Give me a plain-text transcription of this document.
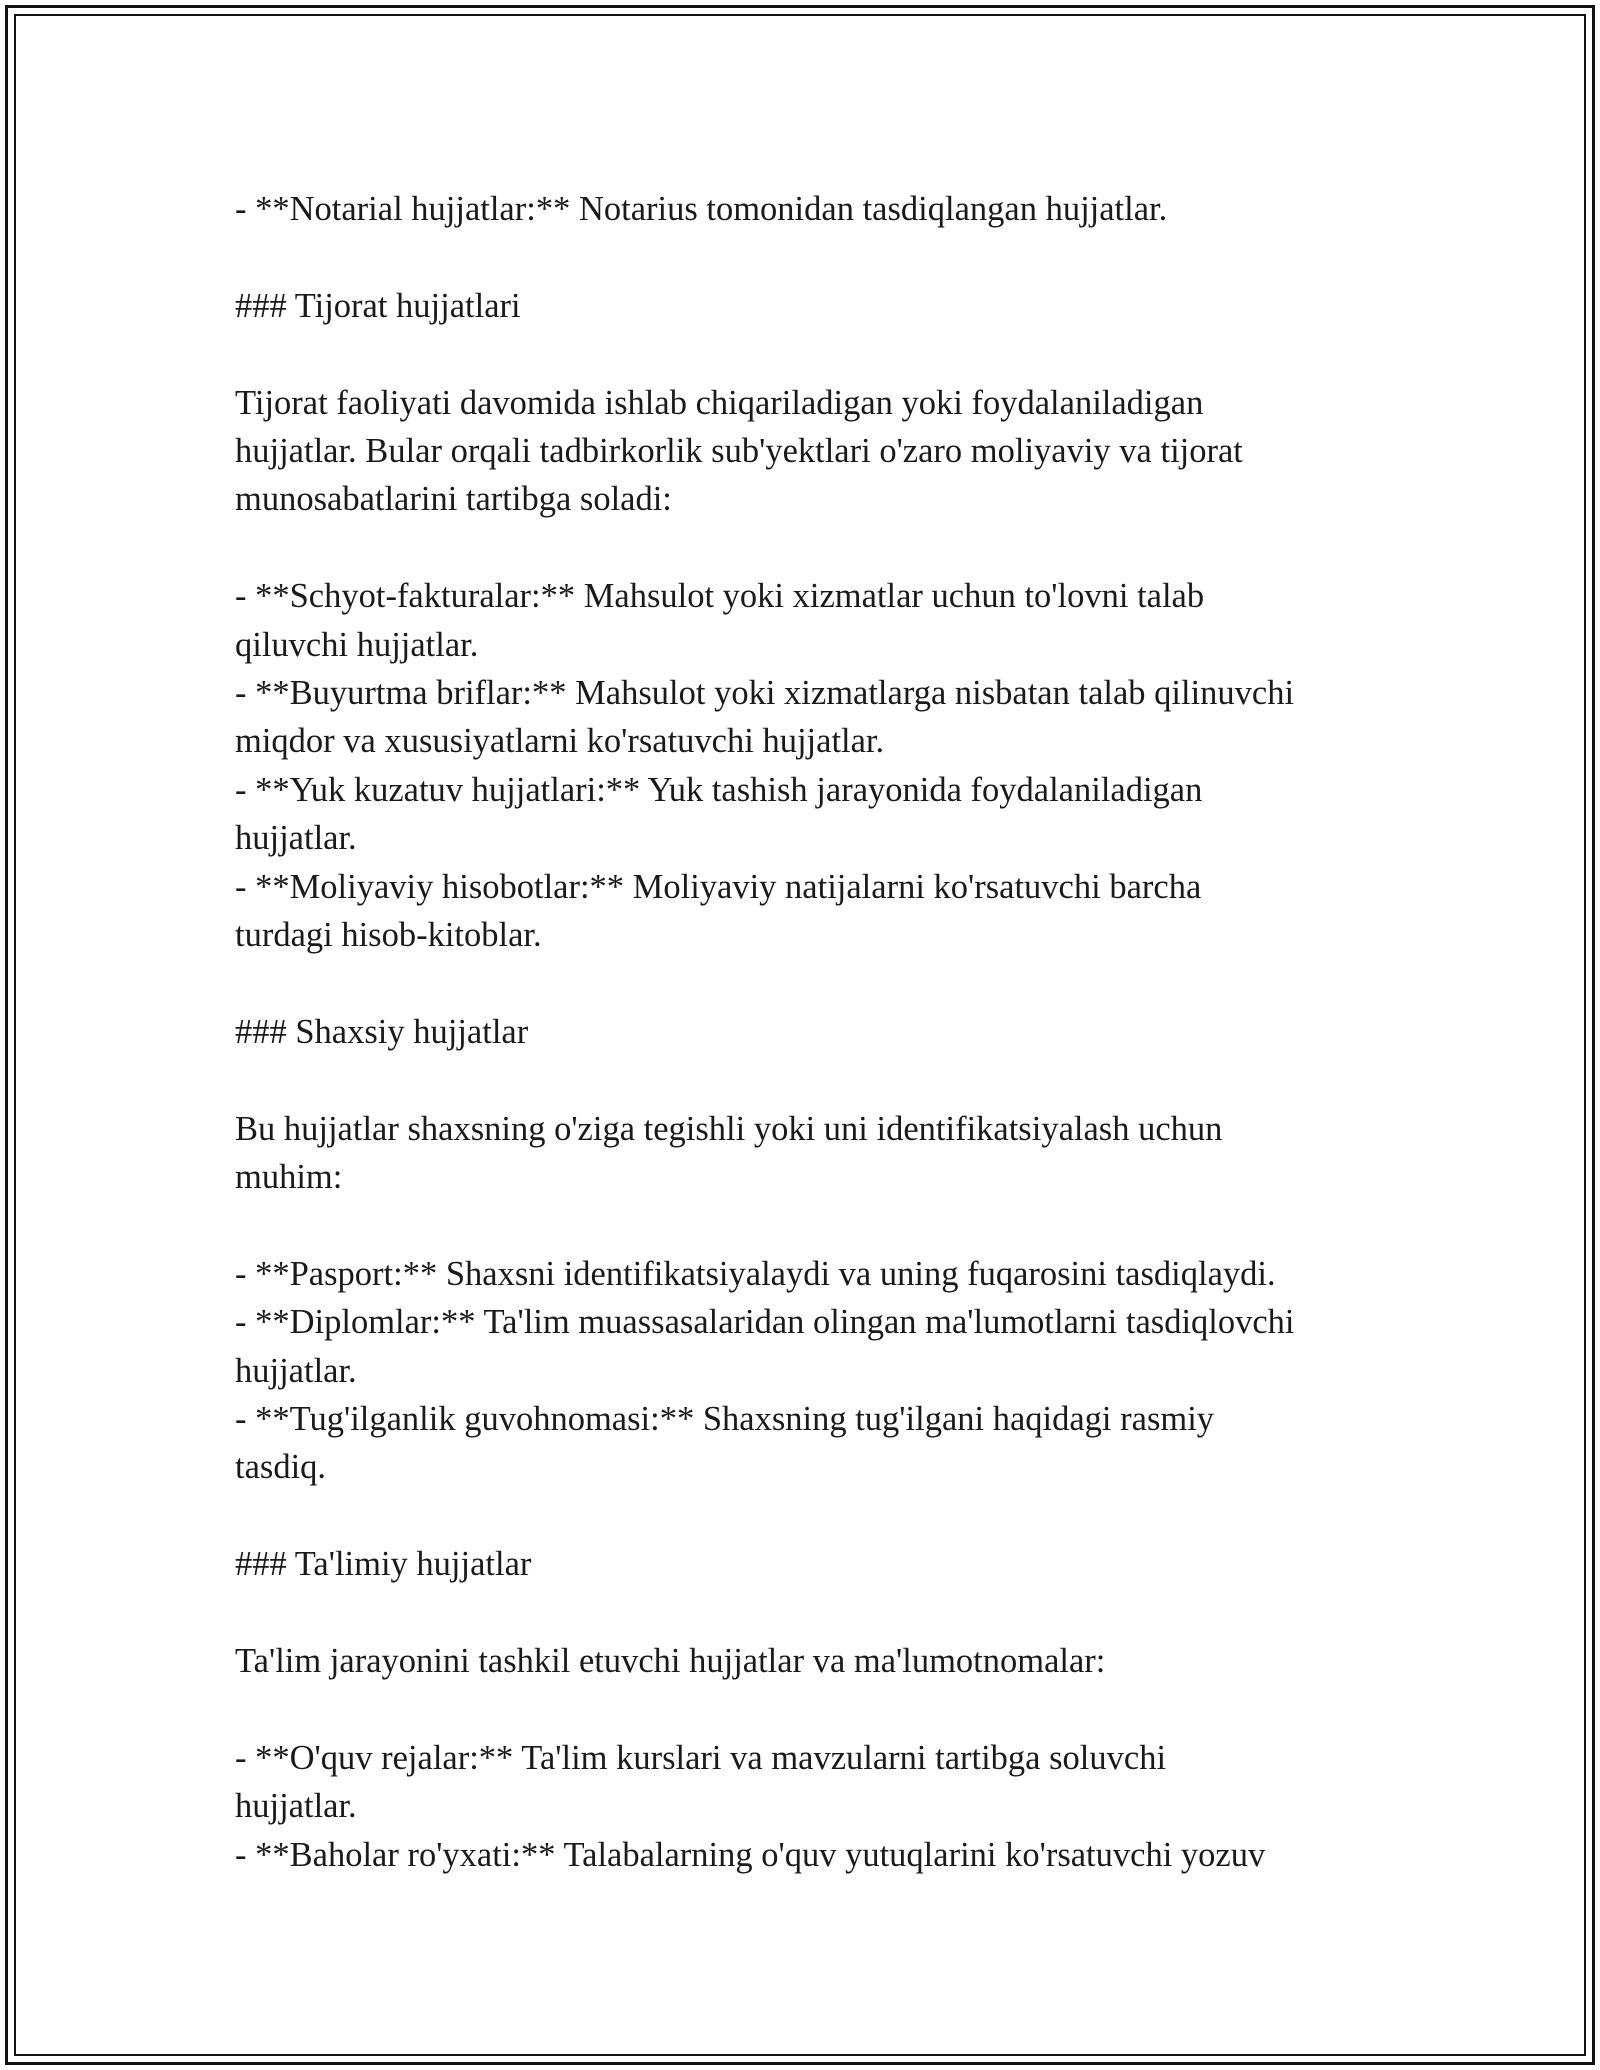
- **Notarial hujjatlar:** Notarius tomonidan tasdiqlangan hujjatlar.

### Tijorat hujjatlari

Tijorat faoliyati davomida ishlab chiqariladigan yoki foydalaniladigan

hujjatlar. Bular orqali tadbirkorlik sub'yektlari o'zaro moliyaviy va tijorat

munosabatlarini tartibga soladi:

- **Schyot-fakturalar:** Mahsulot yoki xizmatlar uchun to'lovni talab

qiluvchi hujjatlar.

- **Buyurtma briflar:** Mahsulot yoki xizmatlarga nisbatan talab qilinuvchi

miqdor va xususiyatlarni ko'rsatuvchi hujjatlar.

- **Yuk kuzatuv hujjatlari:** Yuk tashish jarayonida foydalaniladigan

hujjatlar.

- **Moliyaviy hisobotlar:** Moliyaviy natijalarni ko'rsatuvchi barcha

turdagi hisob-kitoblar.

### Shaxsiy hujjatlar

Bu hujjatlar shaxsning o'ziga tegishli yoki uni identifikatsiyalash uchun

muhim:

- **Pasport:** Shaxsni identifikatsiyalaydi va uning fuqarosini tasdiqlaydi.

- **Diplomlar:** Ta'lim muassasalaridan olingan ma'lumotlarni tasdiqlovchi

hujjatlar.

- **Tug'ilganlik guvohnomasi:** Shaxsning tug'ilgani haqidagi rasmiy

tasdiq.

### Ta'limiy hujjatlar

Ta'lim jarayonini tashkil etuvchi hujjatlar va ma'lumotnomalar:

- **O'quv rejalar:** Ta'lim kurslari va mavzularni tartibga soluvchi

hujjatlar.

- **Baholar ro'yxati:** Talabalarning o'quv yutuqlarini ko'rsatuvchi yozuv
